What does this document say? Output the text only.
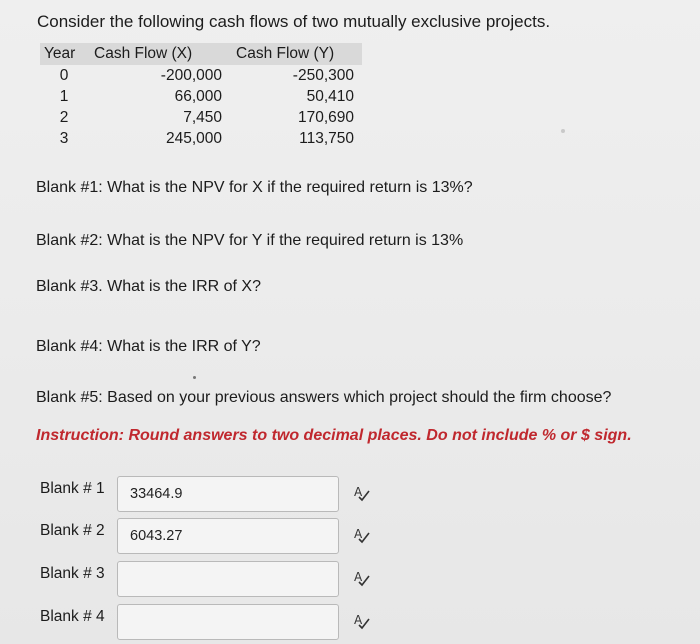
Consider the following cash flows of two mutually exclusive projects.
Year Cash Flow (X)	Cash Flow (Y)
0	-200,000	-250,300
1	66,000	50,410
2	7,450	170,690
3	245,000	113,750
Blank #1: What is the NPV for X if the required return is 13%?
Blank #2: What is the NPV for Y if the required return is 13%
Blank #3. What is the IRR of X?
Blank #4: What is the IRR of Y?
Blank #5: Based on your previous answers which project should the firm choose?
Instruction: Round answers to two decimal places. Do not include % or $ sign.
Blank # 1
33464.9	A
Blank # 2
6043.27	A
Blank # 3	A
Blank # 4	A
